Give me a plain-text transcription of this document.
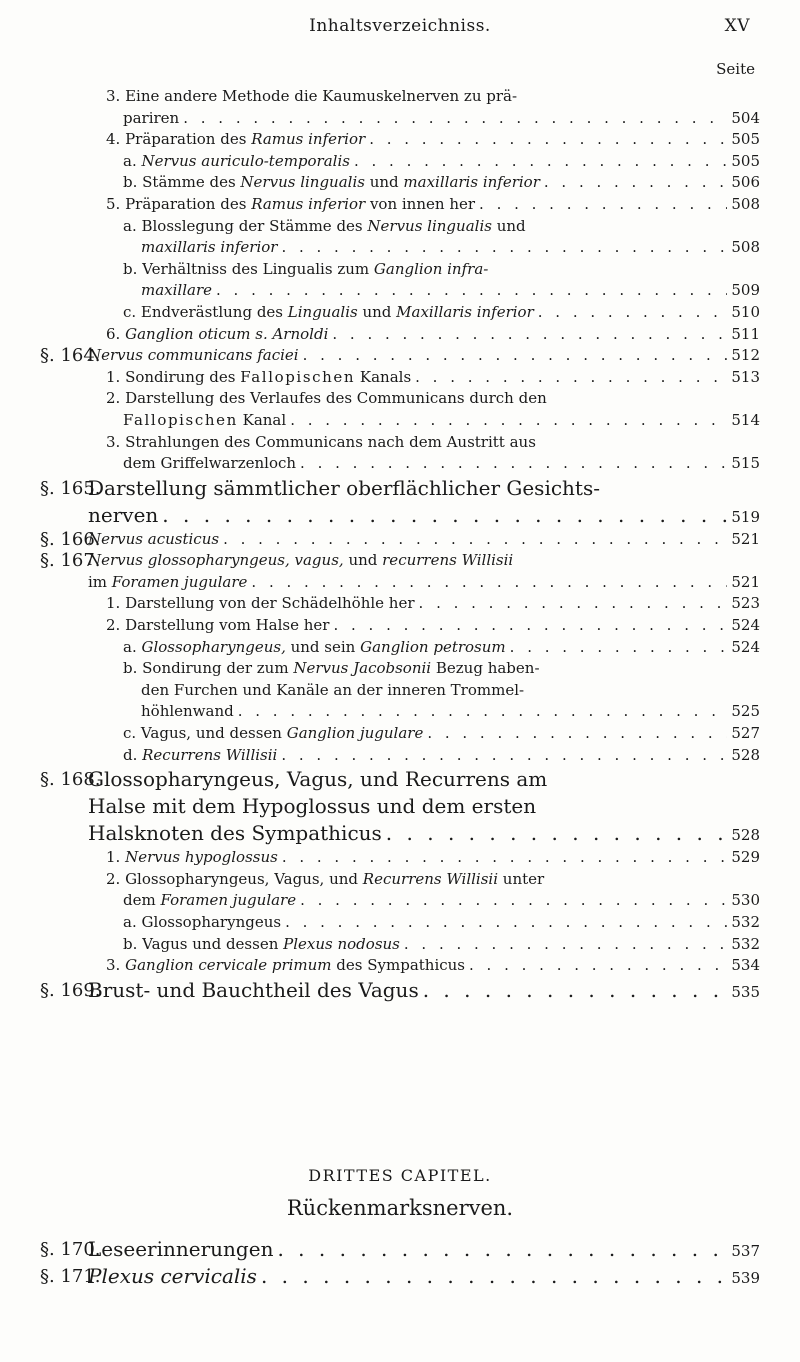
Inhaltsverzeichniss.	XV
Seite
3. Eine andere Methode die Kaumuskelnerven zu prä-
pariren . . .	504
4. Präparation des Ramus inferior . . .	505
a. Nervus auriculo-temporalis . . .	505
b. Stämme des Nervus lingualis und maxillaris inferior . . .	506
5. Präparation des Ramus inferior von innen her . . .	508
a. Blosslegung der Stämme des Nervus lingualis und
maxillaris inferior . . .	508
b. Verhältniss des Lingualis zum Ganglion infra-
maxillare . . .	509
c. Endverästlung des Lingualis und Maxillaris inferior . . .	510
6. Ganglion oticum s. Arnoldi . . .	511
§. 164.
Nervus communicans faciei . . .	512
1. Sondirung des Fallopischen Kanals . . .	513
2. Darstellung des Verlaufes des Communicans durch den
Fallopischen Kanal . . .	514
3. Strahlungen des Communicans nach dem Austritt aus
dem Griffelwarzenloch . . .	515
§. 165.
Darstellung sämmtlicher oberflächlicher Gesichts-
nerven . . .	519
§. 166.
Nervus acusticus . . .	521
§. 167.
Nervus glossopharyngeus, vagus, und recurrens Willisii
im Foramen jugulare . . .	521
1. Darstellung von der Schädelhöhle her . . .	523
2. Darstellung vom Halse her . . .	524
a. Glossopharyngeus, und sein Ganglion petrosum . . .	524
b. Sondirung der zum Nervus Jacobsonii Bezug haben-
den Furchen und Kanäle an der inneren Trommel-
höhlenwand . . .	525
c. Vagus, und dessen Ganglion jugulare . . .	527
d. Recurrens Willisii . . .	528
§. 168.
Glossopharyngeus, Vagus, und Recurrens am
Halse mit dem Hypoglossus und dem ersten
Halsknoten des Sympathicus . . .	528
1. Nervus hypoglossus . . .	529
2. Glossopharyngeus, Vagus, und Recurrens Willisii unter
dem Foramen jugulare . . .	530
a. Glossopharyngeus . . .	532
b. Vagus und dessen Plexus nodosus . . .	532
3. Ganglion cervicale primum des Sympathicus . . .	534
§. 169.
Brust- und Bauchtheil des Vagus . . .	535
DRITTES CAPITEL.
Rückenmarksnerven.
§. 170.
Leseerinnerungen . . .	537
§. 171.
Plexus cervicalis . . .	539
